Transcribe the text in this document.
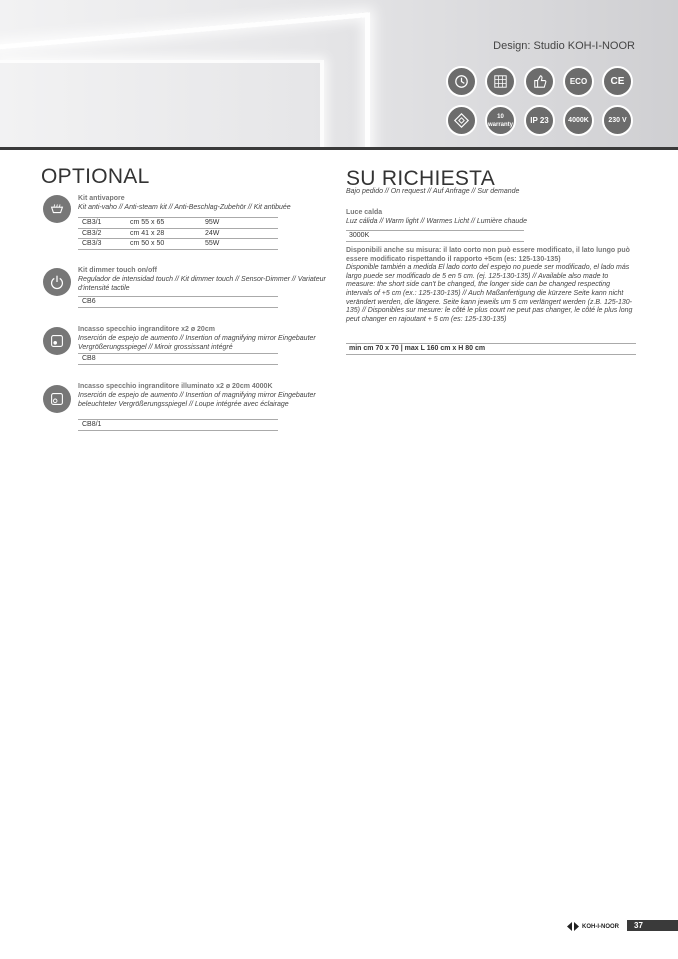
Design: Studio KOH-I-NOOR
ECO CE
10 warranty IP 23	4000K	230 V
OPTIONAL
Kit antivapore
Kit anti-vaho // Anti-steam kit // Anti-Beschlag-Zubehör // Kit antibuée
CB3/1	cm 55 x 65	95W
CB3/2	cm 41 x 28	24W
CB3/3	cm 50 x 50	55W
Kit dimmer touch on/off
Regulador de intensidad touch // Kit dimmer touch // Sensor-Dimmer // Variateur d'intensité tactile
CB6
Incasso specchio ingranditore x2 ø 20cm
Inserción de espejo de aumento // Insertion of magnifying mirror Eingebauter Vergrößerungsspiegel // Miroir grossissant intégré
CB8
Incasso specchio ingranditore illuminato x2 ø 20cm 4000K
Inserción de espejo de aumento // Insertion of magnifying mirror Eingebauter beleuchteter Vergrößerungsspiegel // Loupe intégrée avec éclairage
CB8/1
SU RICHIESTA
Bajo pedido // On request // Auf Anfrage // Sur demande
Luce calda
Luz cálida // Warm light // Warmes Licht // Lumière chaude
3000K
Disponibili anche su misura: il lato corto non può essere modificato, il lato lungo può essere modificato rispettando il rapporto +5cm (es: 125-130-135)
Disponible también a medida El lado corto del espejo no puede ser modificado, el lado más largo puede ser modificado de 5 en 5 cm. (ej. 125-130-135) // Available also made to measure: the short side can't be changed, the longer side can be changed respecting intervals of +5 cm (ex.: 125-130-135) // Auch Maßanfertigung die kürzere Seite kann nicht verändert werden, die längere. Seite kann jeweils um 5 cm verlängert werden (z.B. 125-130-135) // Disponibles sur mesure: le côté le plus court ne peut pas changer, le côté le plus long peut changer en rajoutant + 5 cm (es: 125-130-135)
min cm 70 x 70 | max L 160 cm x H 80 cm
KOH-I-NOOR	37
